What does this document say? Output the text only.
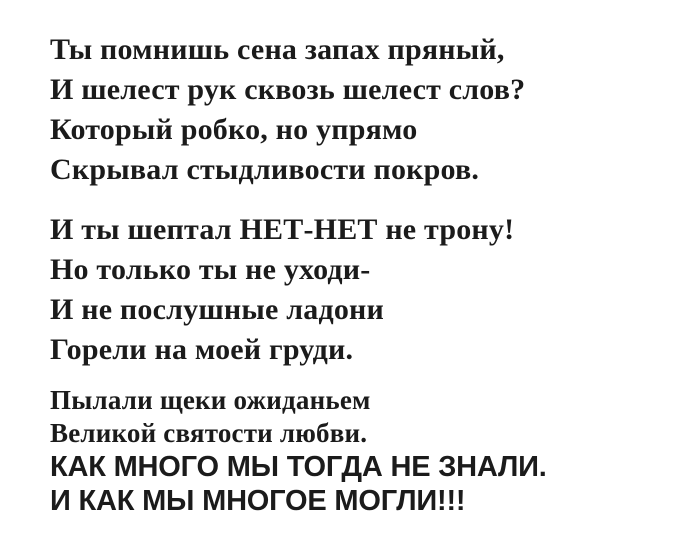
Ты помнишь сена запах пряный,
И шелест рук сквозь шелест слов?
Который робко, но упрямо
Скрывал стыдливости покров.
И ты шептал НЕТ-НЕТ не трону!
Но только ты не уходи-
И не послушные ладони
Горели на моей груди.
Пылали щеки ожиданьем
Великой святости любви.
КАК МНОГО МЫ ТОГДА НЕ ЗНАЛИ.
И КАК МЫ МНОГОЕ МОГЛИ!!!
